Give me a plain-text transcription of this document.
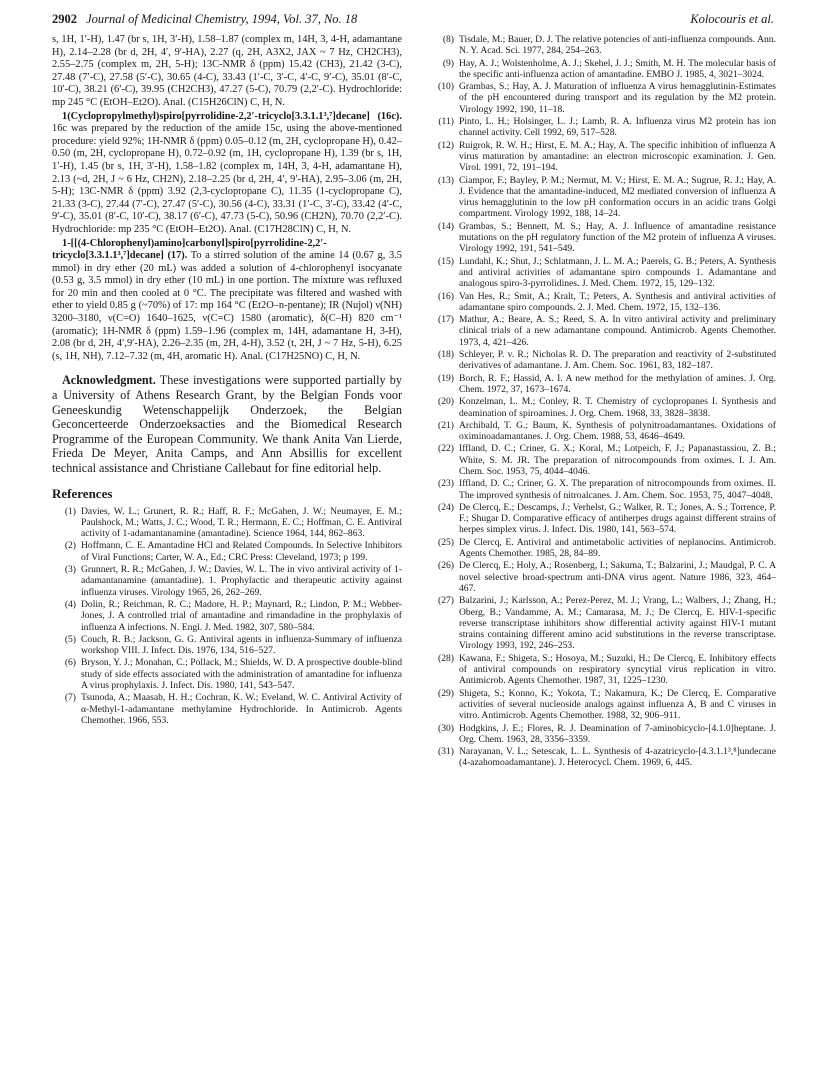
2902 Journal of Medicinal Chemistry, 1994, Vol. 37, No. 18	Kolocouris et al.

s, 1H, 1′-H), 1.47 (br s, 1H, 3′-H), 1.58–1.87 (complex m, 14H, 3, 4-H, adamantane H), 2.14–2.28 (br d, 2H, 4′, 9′-HA), 2.27 (q, 2H, A3X2, JAX ~ 7 Hz, CH2CH3), 2.55–2.75 (complex m, 2H, 5-H); 13C-NMR δ (ppm) 15.42 (CH3), 21.42 (3-C), 27.48 (7′-C), 27.58 (5′-C), 30.65 (4-C), 33.43 (1′-C, 3′-C, 4′-C, 9′-C), 35.01 (8′-C, 10′-C), 38.21 (6′-C), 39.95 (CH2CH3), 47.27 (5-C), 70.79 (2,2′-C). Hydrochloride: mp 245 °C (EtOH–Et2O). Anal. (C15H26ClN) C, H, N.

1(Cyclopropylmethyl)spiro[pyrrolidine-2,2′-tricyclo[3.3.1.1³,⁷]decane] (16c). 16c was prepared by the reduction of the amide 15c, using the above-mentioned procedure: yield 92%; 1H-NMR δ (ppm) 0.05–0.12 (m, 2H, cyclopropane H), 0.42–0.50 (m, 2H, cyclopropane H), 0.72–0.92 (m, 1H, cyclopropane H), 1.39 (br s, 1H, 1′-H), 1.45 (br s, 1H, 3′-H), 1.58–1.82 (complex m, 14H, 3, 4-H, adamantane H), 2.13 (~d, 2H, J ~ 6 Hz, CH2N), 2.18–2.25 (br d, 2H, 4′, 9′-HA), 2.95–3.06 (m, 2H, 5-H); 13C-NMR δ (ppm) 3.92 (2,3-cyclopropane C), 11.35 (1-cyclopropane C), 21.33 (3-C), 27.44 (7′-C), 27.47 (5′-C), 30.56 (4-C), 33.31 (1′-C, 3′-C), 33.42 (4′-C, 9′-C), 35.01 (8′-C, 10′-C), 38.17 (6′-C), 47.73 (5-C), 50.96 (CH2N), 70.70 (2,2′-C). Hydrochloride: mp 235 °C (EtOH–Et2O). Anal. (C17H28ClN) C, H, N.

1-[[(4-Chlorophenyl)amino]carbonyl]spiro[pyrrolidine-2,2′-tricyclo[3.3.1.1³,⁷]decane] (17). To a stirred solution of the amine 14 (0.67 g, 3.5 mmol) in dry ether (20 mL) was added a solution of 4-chlorophenyl isocyanate (0.53 g, 3.5 mmol) in dry ether (10 mL) in one portion. The mixture was refluxed for 20 min and then cooled at 0 °C. The precipitate was filtered and washed with ether to yield 0.85 g (~70%) of 17: mp 164 °C (Et2O–n-pentane); IR (Nujol) ν(NH) 3200–3180, ν(C=O) 1640–1625, ν(C=C) 1580 (aromatic), δ(C–H) 820 cm⁻¹ (aromatic); 1H-NMR δ (ppm) 1.59–1.96 (complex m, 14H, adamantane H, 3-H), 2.08 (br d, 2H, 4′,9′-HA), 2.26–2.35 (m, 2H, 4-H), 3.52 (t, 2H, J ~ 7 Hz, 5-H), 6.25 (s, 1H, NH), 7.12–7.32 (m, 4H, aromatic H). Anal. (C17H25NO) C, H, N.

Acknowledgment. These investigations were supported partially by a University of Athens Research Grant, by the Belgian Fonds voor Geneeskundig Wetenschappelijk Onderzoek, the Belgian Geconcerteerde Onderzoeksacties and the Biomedical Research Programme of the European Community. We thank Anita Van Lierde, Frieda De Meyer, Anita Camps, and Ann Absillis for excellent technical assistance and Christiane Callebaut for fine editorial help.

References
(1) Davies, W. L.; Grunert, R. R.; Haff, R. F.; McGahen, J. W.; Neumayer, E. M.; Paulshock, M.; Watts, J. C.; Wood, T. R.; Hermann, E. C.; Hoffman, C. E. Antiviral activity of 1-adamantanamine (amantadine). Science 1964, 144, 862–863.
(2) Hoffmann, C. E. Amantadine HCl and Related Compounds. In Selective Inhibitors of Viral Functions; Carter, W. A., Ed.; CRC Press: Cleveland, 1973; p 199.
(3) Grunnert, R. R.; McGahen, J. W.; Davies, W. L. The in vivo antiviral activity of 1-adamantanamine (amantadine). 1. Prophylactic and therapeutic activity against influenza viruses. Virology 1965, 26, 262–269.
(4) Dolin, R.; Reichman, R. C.; Madore, H. P.; Maynard, R.; Lindon, P. M.; Webber-Jones, J. A controlled trial of amantadine and rimandadine in the prophylaxis of influenza A infections. N. Engl. J. Med. 1982, 307, 580–584.
(5) Couch, R. B.; Jackson, G. G. Antiviral agents in influenza-Summary of influenza workshop VIII. J. Infect. Dis. 1976, 134, 516–527.
(6) Bryson, Y. J.; Monahan, C.; Pollack, M.; Shields, W. D. A prospective double-blind study of side effects associated with the administration of amantadine for influenza A virus prophylaxis. J. Infect. Dis. 1980, 141, 543–547.
(7) Tsunoda, A.; Maasab, H. H.; Cochran, K. W.; Eveland, W. C. Antiviral Activity of α-Methyl-1-adamantane methylamine Hydrochloride. In Antimicrob. Agents Chemother. 1966, 553.
(8) Tisdale, M.; Bauer, D. J. The relative potencies of anti-influenza compounds. Ann. N. Y. Acad. Sci. 1977, 284, 254–263.
(9) Hay, A. J.; Wolstenholme, A. J.; Skehel, J. J.; Smith, M. H. The molecular basis of the specific anti-influenza action of amantadine. EMBO J. 1985, 4, 3021–3024.
(10) Grambas, S.; Hay, A. J. Maturation of influenza A virus hemagglutinin-Estimates of the pH encountered during transport and its regulation by the M2 protein. Virology 1992, 190, 11–18.
(11) Pinto, L. H.; Holsinger, L. J.; Lamb, R. A. Influenza virus M2 protein has ion channel activity. Cell 1992, 69, 517–528.
(12) Ruigrok, R. W. H.; Hirst, E. M. A.; Hay, A. The specific inhibition of influenza A virus maturation by amantadine: an electron microscopic examination. J. Gen. Virol. 1991, 72, 191–194.
(13) Ciampor, F.; Bayley, P. M.; Nermut, M. V.; Hirst, E. M. A.; Sugrue, R. J.; Hay, A. J. Evidence that the amantadine-induced, M2 mediated conversion of influenza A virus hemagglutinin to the low pH conformation occurs in an acidic trans Golgi compartment. Virology 1992, 188, 14–24.
(14) Grambas, S.; Bennett, M. S.; Hay, A. J. Influence of amantadine resistance mutations on the pH regulatory function of the M2 protein of influenza A viruses. Virology 1992, 191, 541–549.
(15) Lundahl, K.; Shut, J.; Schlatmann, J. L. M. A.; Paerels, G. B.; Peters, A. Synthesis and antiviral activities of adamantane spiro compounds 1. Adamantane and analogous spiro-3-pyrrolidines. J. Med. Chem. 1972, 15, 129–132.
(16) Van Hes, R.; Smit, A.; Kralt, T.; Peters, A. Synthesis and antiviral activities of adamantane spiro compounds. 2. J. Med. Chem. 1972, 15, 132–136.
(17) Mathur, A.; Beare, A. S.; Reed, S. A. In vitro antiviral activity and preliminary clinical trials of a new adamantane compound. Antimicrob. Agents Chemother. 1973, 4, 421–426.
(18) Schleyer, P. v. R.; Nicholas R. D. The preparation and reactivity of 2-substituted derivatives of adamantane. J. Am. Chem. Soc. 1961, 83, 182–187.
(19) Borch, R. F.; Hassid, A. I. A new method for the methylation of amines. J. Org. Chem. 1972, 37, 1673–1674.
(20) Konzelman, L. M.; Conley, R. T. Chemistry of cyclopropanes I. Synthesis and deamination of spiroamines. J. Org. Chem. 1968, 33, 3828–3838.
(21) Archibald, T. G.; Baum, K. Synthesis of polynitroadamantanes. Oxidations of oximinoadamantanes. J. Org. Chem. 1988, 53, 4646–4649.
(22) Iffland, D. C.; Criner, G. X.; Koral, M.; Lotpeich, F. J.; Papanastassiou, Z. B.; White, S. M. JR. The preparation of nitrocompounds from oximes. I. J. Am. Chem. Soc. 1953, 75, 4044–4046.
(23) Iffland, D. C.; Criner, G. X. The preparation of nitrocompounds from oximes. II. The improved synthesis of nitroalcanes. J. Am. Chem. Soc. 1953, 75, 4047–4048.
(24) De Clercq, E.; Descamps, J.; Verhelst, G.; Walker, R. T.; Jones, A. S.; Torrence, P. F.; Shugar D. Comparative efficacy of antiherpes drugs against different strains of herpes simplex virus. J. Infect. Dis. 1980, 141, 563–574.
(25) De Clercq, E. Antiviral and antimetabolic activities of neplanocins. Antimicrob. Agents Chemother. 1985, 28, 84–89.
(26) De Clercq, E.; Holy, A.; Rosenberg, I.; Sakuma, T.; Balzarini, J.; Maudgal, P. C. A novel selective broad-spectrum anti-DNA virus agent. Nature 1986, 323, 464–467.
(27) Balzarini, J.; Karlsson, A.; Perez-Perez, M. J.; Vrang, L.; Walbers, J.; Zhang, H.; Oberg, B.; Vandamme, A. M.; Camarasa, M. J.; De Clercq, E. HIV-1-specific reverse transcriptase inhibitors show differential activity against HIV-1 mutant strains containing different amino acid substitutions in the reverse transcriptase. Virology 1993, 192, 246–253.
(28) Kawana, F.; Shigeta, S.; Hosoya, M.; Suzuki, H.; De Clercq, E. Inhibitory effects of antiviral compounds on respiratory syncytial virus replication in vitro. Antimicrob. Agents Chemother. 1987, 31, 1225–1230.
(29) Shigeta, S.; Konno, K.; Yokota, T.; Nakamura, K.; De Clercq, E. Comparative activities of several nucleoside analogs against influenza A, B and C viruses in vitro. Antimicrob. Agents Chemother. 1988, 32, 906–911.
(30) Hodgkins, J. E.; Flores, R. J. Deamination of 7-aminobicyclo-[4.1.0]heptane. J. Org. Chem. 1963, 28, 3356–3359.
(31) Narayanan, V. L.; Setescak, L. L. Synthesis of 4-azatricyclo-[4.3.1.1³,⁸]undecane (4-azahomoadamantane). J. Heterocycl. Chem. 1969, 6, 445.
